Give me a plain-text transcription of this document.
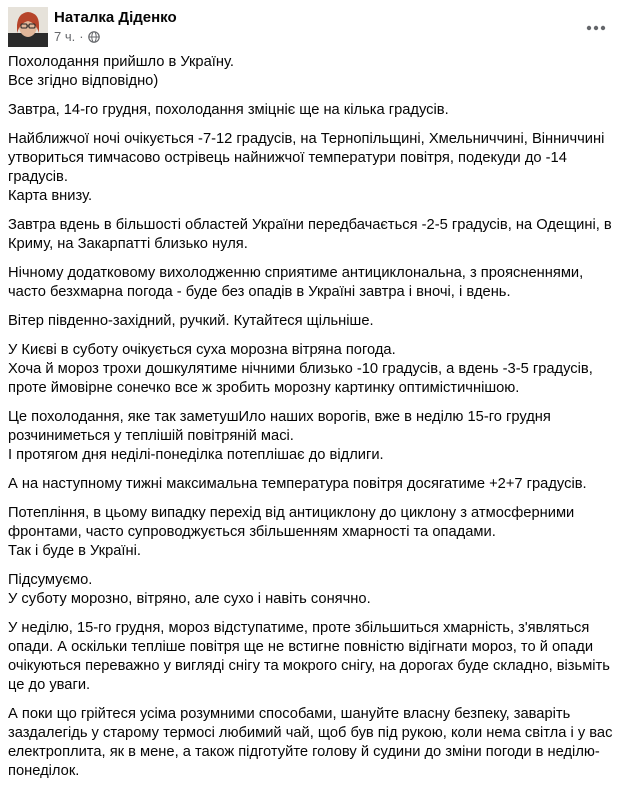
Наталка Діденко
7 ч. ·

Похолодання прийшло в Україну.
Все згідно відповідно)

Завтра, 14-го грудня, похолодання зміцніє ще на кілька градусів.

Найближчої ночі очікується -7-12 градусів, на Тернопільщині, Хмельниччині, Вінниччині утвориться тимчасово острівець найнижчої температури повітря, подекуди до -14 градусів.
Карта внизу.

Завтра вдень в більшості областей України передбачається -2-5 градусів, на Одещині, в Криму, на Закарпатті близько нуля.

Нічному додатковому вихолодженню сприятиме антициклональна, з проясненнями, часто безхмарна погода - буде без опадів в Україні завтра і вночі, і вдень.

Вітер південно-західний, ручкий. Кутайтеся щільніше.

У Києві в суботу очікується суха морозна вітряна погода.
Хоча й мороз трохи дошкулятиме нічними близько -10 градусів, а вдень -3-5 градусів, проте ймовірне сонечко все ж зробить морозну картинку оптимістичнішою.

Це похолодання, яке так заметушИло наших ворогів, вже в неділю 15-го грудня розчиниметься у теплішій повітряній масі.
І протягом дня неділі-понеділка потеплішає до відлиги.

А на наступному тижні максимальна температура повітря досягатиме +2+7 градусів.

Потепління, в цьому випадку перехід від антициклону до циклону з атмосферними фронтами, часто супроводжується збільшенням хмарності та опадами.
Так і буде в Україні.

Підсумуємо.
У суботу морозно, вітряно, але сухо і навіть сонячно.

У неділю, 15-го грудня, мороз відступатиме, проте збільшиться хмарність, з'являться опади. А оскільки тепліше повітря ще не встигне повністю відігнати мороз, то й опади очікуються переважно у вигляді снігу та мокрого снігу, на дорогах буде складно, візьміть це до уваги.

А поки що грійтеся усіма розумними способами, шануйте власну безпеку, заваріть заздалегідь у старому термосі любимий чай, щоб був під рукою, коли нема світла і у вас електроплита, як в мене, а також підготуйте голову й судини до зміни погоди в неділю-понеділок.
